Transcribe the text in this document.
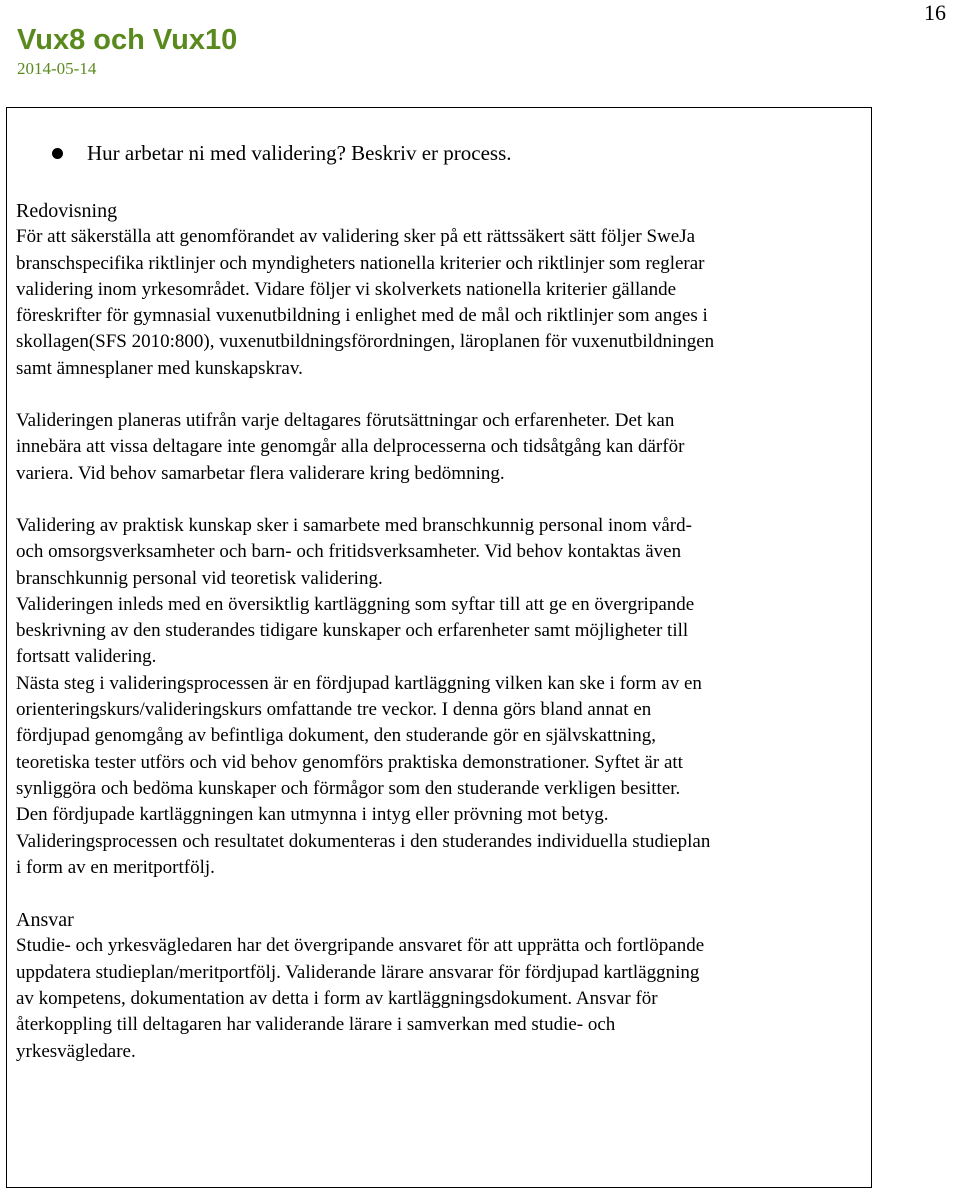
16
Vux8 och Vux10
2014-05-14
Hur arbetar ni med validering? Beskriv er process.

Redovisning

För att säkerställa att genomförandet av validering sker på ett rättssäkert sätt följer SweJa

branschspecifika riktlinjer och myndigheters nationella kriterier och riktlinjer som reglerar

validering inom yrkesområdet. Vidare följer vi skolverkets nationella kriterier gällande

föreskrifter för gymnasial vuxenutbildning i enlighet med de mål och riktlinjer som anges i

skollagen(SFS 2010:800), vuxenutbildningsförordningen, läroplanen för vuxenutbildningen

samt ämnesplaner med kunskapskrav.

Valideringen planeras utifrån varje deltagares förutsättningar och erfarenheter. Det kan

innebära att vissa deltagare inte genomgår alla delprocesserna och tidsåtgång kan därför

variera. Vid behov samarbetar flera validerare kring bedömning.

Validering av praktisk kunskap sker i samarbete med branschkunnig personal inom vård-

och omsorgsverksamheter och barn- och fritidsverksamheter. Vid behov kontaktas även

branschkunnig personal vid teoretisk validering.

Valideringen inleds med en översiktlig kartläggning som syftar till att ge en övergripande

beskrivning av den studerandes tidigare kunskaper och erfarenheter samt möjligheter till

fortsatt validering.

Nästa steg i valideringsprocessen är en fördjupad kartläggning vilken kan ske i form av en

orienteringskurs/valideringskurs omfattande tre veckor. I denna görs bland annat en

fördjupad genomgång av befintliga dokument, den studerande gör en självskattning,

teoretiska tester utförs och vid behov genomförs praktiska demonstrationer. Syftet är att

synliggöra och bedöma kunskaper och förmågor som den studerande verkligen besitter.

Den fördjupade kartläggningen kan utmynna i intyg eller prövning mot betyg.

Valideringsprocessen och resultatet dokumenteras i den studerandes individuella studieplan

i form av en meritportfölj.

Ansvar

Studie- och yrkesvägledaren har det övergripande ansvaret för att upprätta och fortlöpande

uppdatera studieplan/meritportfölj. Validerande lärare ansvarar för fördjupad kartläggning

av kompetens, dokumentation av detta i form av kartläggningsdokument. Ansvar för

återkoppling till deltagaren har validerande lärare i samverkan med studie- och

yrkesvägledare.
